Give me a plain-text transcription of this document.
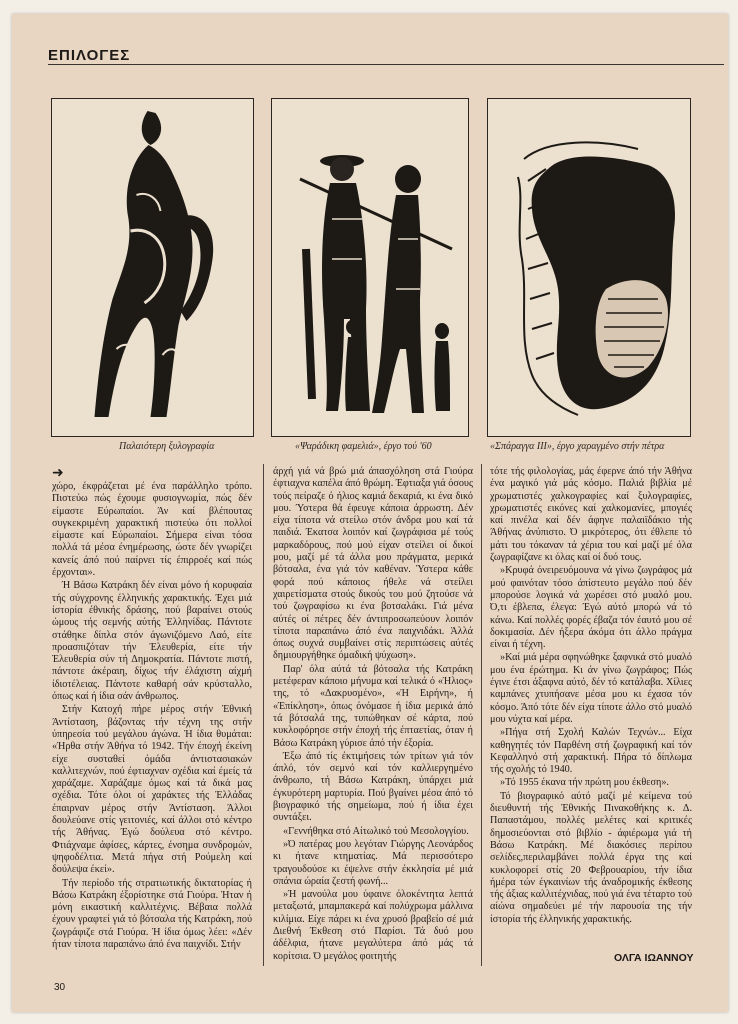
ΕΠΙΛΟΓΕΣ
Παλαιότερη ξυλογραφία	«Ψαράδικη φαμελιά», έργο τού '60	«Σπάραγγα ΙΙΙ», έργο χαραγμένο στήν πέτρα
➜

χώρο, έκφράζεται μέ ένα παράλληλο τρόπο. Πιστεύω πώς έχουμε φυσιογνωμία, πώς δέν είμαστε Εύρωπαίοι. Άν καί βλέπουτας συγκεκριμένη χαρακτική πιστεύω ότι πολλοί είμαστε καί Εύρωπαίοι. Σήμερα είναι τόσα πολλά τά μέσα ένημέρωσης, ώστε δέν γνωρίζει κανείς άπό πού παίρνει τίς έπιρροές καί πώς έρχονται».

Ή Βάσω Κατράκη δέν είναι μόνο ή κορυφαία τής σύγχρονης έλληνικής χαρακτικής. Έχει μιά ίστορία έθνικής δράσης, πού βαραίνει στούς ώμους τής σεμνής αύτής Έλληνίδας. Πάντοτε στάθηκε δίπλα στόν άγωνιζόμενο Λαό, είτε προασπιζόταν τήν Έλευθερία, είτε τήν Έλευθερία σύν τή Δημοκρατία. Πάντοτε πιστή, πάντοτε άκέραιη, δίχως τήν έλάχιστη αίχμή ίδιοτέλειας. Πάντοτε καθαρή σάν κρύσταλλο, όπως καί ή ίδια σάν άνθρωπος.

Στήν Κατοχή πήρε μέρος στήν Έθνική Άντίσταση, βάζοντας τήν τέχνη της στήν ύπηρεσία τού μεγάλου άγώνα. Ή ίδια θυμάται: «Ήρθα στήν Άθήνα τό 1942. Τήν έποχή έκείνη είχε συσταθεί όμάδα άντιστασιακών καλλιτεχνών, πού έφτιαχναν σχέδια καί έμείς τά χαράζαμε. Χαράζαμε όμως καί τά δικά μας σχέδια. Τότε όλοι οί χαράκτες τής Έλλάδας έπαιρναν μέρος στήν Άντίσταση. Άλλοι δουλεύανε στίς γειτονιές, καί άλλοι στό κέντρο τής Άθήνας. Έγώ δούλευα στό κέντρο. Φτιάχναμε άφίσες, κάρτες, ένσημα συνδρομών, ψηφοδέλτια. Μετά πήγα στή Ρούμελη καί δούλεψα έκεί».

Τήν περίοδο τής στρατιωτικής δικτατορίας ή Βάσω Κατράκη έξορίστηκε στά Γιούρα. Ήταν ή μόνη εικαστική καλλιτέχνις. Βέβαια πολλά έχουν γραφτεί γιά τό βότσαλα τής Κατράκη, πού ζωγράφιζε στά Γιούρα. Ή ίδια όμως λέει: «Δέν ήταν τίποτα παραπάνω άπό ένα παιχνίδι. Στήν

άρχή γιά νά βρώ μιά άπασχόληση στά Γιούρα έφτιαχνα καπέλα άπό θρώμη. Έφτιαξα γιά όσους τούς πείραζε ό ήλιος καμιά δεκαριά, κι ένα δικό μου. Ύστερα θά έφευγε κάποια άρρωστη. Δέν είχα τίποτα νά στείλω στόν άνδρα μου καί τά παιδιά. Έκατσα λοιπόν καί ζωγράφισα μέ τούς μαρκαδόρους, πού μού είχαν στείλει οί δικοί μου, μαζί μέ τά άλλα μου πράγματα, μερικά βότσαλα, ένα γιά τόν καθέναν. Ύστερα κάθε φορά πού κάποιος ήθελε νά στείλει χαιρετίσματα στούς δικούς του μού ζητούσε νά τού ζωγραφίσω κι ένα βοτσαλάκι. Γιά μένα αύτές οί πέτρες δέν άντιπροσωπεύουν λοιπόν τίποτα παραπάνω άπό ένα παιχνιδάκι. Άλλά όπως συχνά συμβαίνει στίς περιπτώσεις αύτές δημιουργήθηκε όμαδική ψύχωση».

Παρ' όλα αύτά τά βότσαλα τής Κατράκη μετέφεραν κάποιο μήνυμα καί τελικά ό «Ήλιος» της, τό «Δακρυσμένο», «Ή Ειρήνη», ή «Έπίκληση», όπως όνόμασε ή ίδια μερικά άπό τά βότσαλά της, τυπώθηκαν σέ κάρτα, πού κυκλοφόρησε στήν έποχή τής έπταετίας, όταν ή Βάσω Κατράκη γύρισε άπό τήν έξορία.

Έξω άπό τίς έκτιμήσεις τών τρίτων γιά τόν άπλό, τόν σεμνό καί τόν καλλιεργημένο άνθρωπο, τή Βάσω Κατράκη, ύπάρχει μιά έγκυρότερη μαρτυρία. Πού βγαίνει μέσα άπό τό βιογραφικό τής σημείωμα, πού ή ίδια έχει συντάξει.

«Γεννήθηκα στό Αίτωλικό τού Μεσολογγίου.

»Ό πατέρας μου λεγόταν Γιώργης Λεονάρδος κι ήτανε κτηματίας. Μά περισσότερο τραγουδούσε κι έψελνε στήν έκκλησία μέ μιά σπάνια ώραία ζεστή φωνή...

»Ή μανούλα μου ύφαινε όλοκέντητα λεπτά μεταξωτά, μπαμπακερά καί πολύχρωμα μάλλινα κιλίμια. Είχε πάρει κι ένα χρυσό βραβείο σέ μιά Διεθνή Έκθεση στό Παρίσι. Τά δυό μου άδέλφια, ήτανε μεγαλύτερα άπό μάς τά κορίτσια. Ό μεγάλος φοιτητής

τότε τής φιλολογίας, μάς έφερνε άπό τήν Άθήνα ένα μαγικό γιά μάς κόσμο. Παλιά βιβλία μέ χρωματιστές χαλκογραφίες καί ξυλογραφίες, χρωματιστές εικόνες καί χαλκομανίες, μπογιές καί πινέλα καί δέν άφηνε παλαιϊδάκιο τής Άθήνας άνύπιστο. Ό μικρότερος, ότι έθλεπε τό μάτι του τόκαναν τά χέρια του καί μαζί μέ όλα ζωγραφίζανε κι όλας καί οί δυό τους.

»Κρυφά όνειρευόμουνα νά γίνω ζωγράφος μά μού φαινόταν τόσο άπίστευτο μεγάλο πού δέν μπορούσε λογικά νά χωρέσει στό μυαλό μου. Ό,τι έβλεπα, έλεγα: Έγώ αύτό μπορώ νά τό κάνω. Καί πολλές φορές έβαζα τόν έαυτό μου σέ δοκιμασία. Δέν ήξερα άκόμα ότι άλλο πράγμα είναι ή τέχνη.

»Καί μιά μέρα σφηνώθηκε ξαφνικά στό μυαλό μου ένα έρώτημα. Κι άν γίνω ζωγράφος; Πώς έγινε έτσι άξαφνα αύτό, δέν τό κατάλαβα. Χίλιες καμπάνες χτυπήσανε μέσα μου κι έχασα τόν κόσμο. Άπό τότε δέν είχα τίποτε άλλο στό μυαλό μου νύχτα καί μέρα.

»Πήγα στή Σχολή Καλών Τεχνών... Είχα καθηγητές τόν Παρθένη στή ζωγραφική καί τόν Κεφαλληνό στή χαρακτική. Πήρα τό δίπλωμα τής σχολής τό 1940.

»Τό 1955 έκανα τήν πρώτη μου έκθεση».

Τό βιογραφικό αύτό μαζί μέ κείμενα τού διευθυντή τής Έθνικής Πινακοθήκης κ. Δ. Παπαστάμου, πολλές μελέτες καί κριτικές δημοσιεύονται στό βιβλίο - άφιέρωμα γιά τή Βάσω Κατράκη. Μέ διακόσιες περίπου σελίδες,περιλαμβάνει πολλά έργα της καί κυκλοφορεί στίς 20 Φεβρουαρίου, τήν ίδια ήμέρα τών έγκαινίων τής άναδρομικής έκθεσης τής άξιας καλλιτέχνιδας, πού γιά ένα τέταρτο τού αίώνα σημαδεύει μέ τήν παρουσία της τήν ίστορία τής έλληνικής χαρακτικής.

ΟΛΓΑ ΙΩΑΝΝΟΥ
30
